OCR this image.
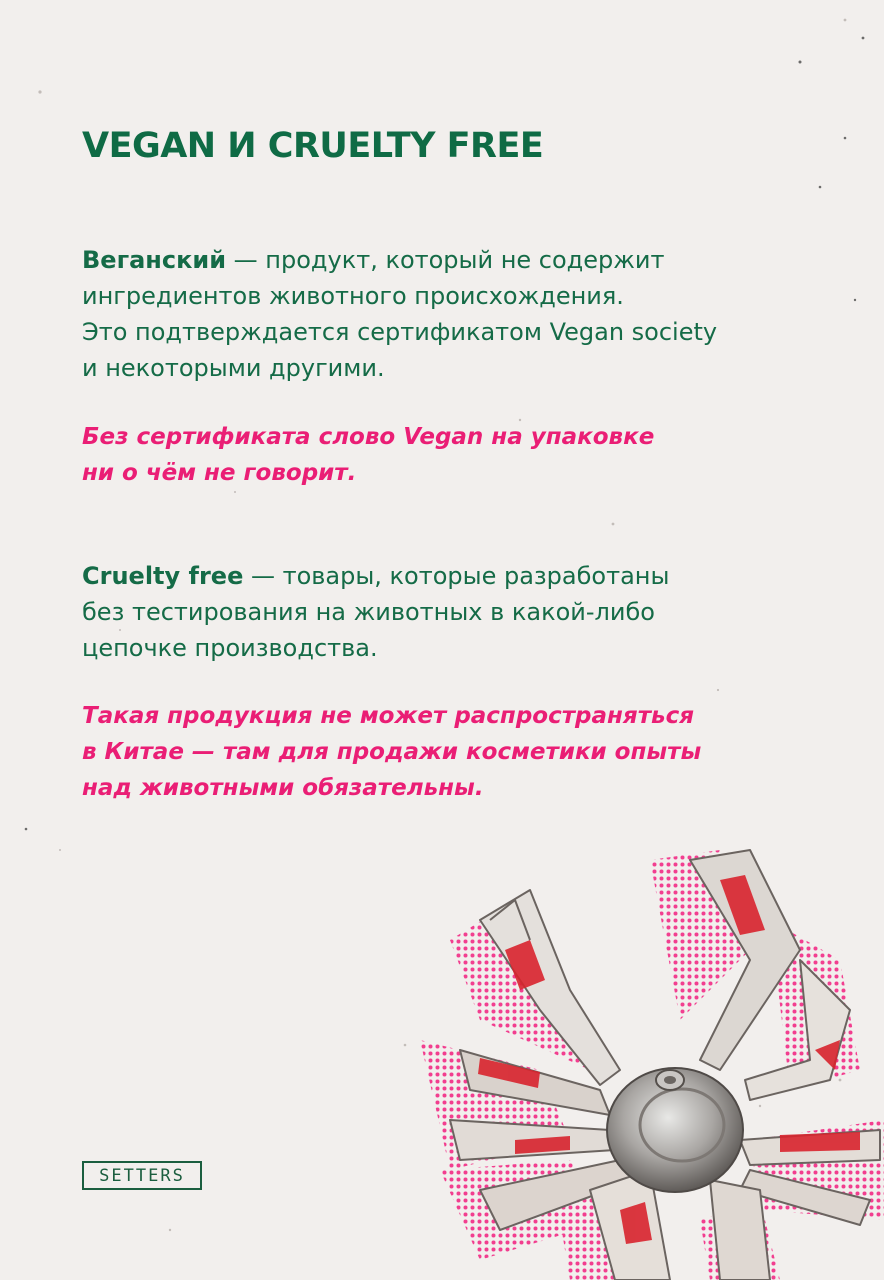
VEGAN И CRUELTY FREE

Веганский — продукт, который не содержит
ингредиентов животного происхождения.
Это подтверждается сертификатом Vegan society
и некоторыми другими.

Без сертификата слово Vegan на упаковке
ни о чём не говорит.

Cruelty free — товары, которые разработаны
без тестирования на животных в какой-либо
цепочке производства.

Такая продукция не может распространяться
в Китае — там для продажи косметики опыты
над животными обязательны.

SETTERS
